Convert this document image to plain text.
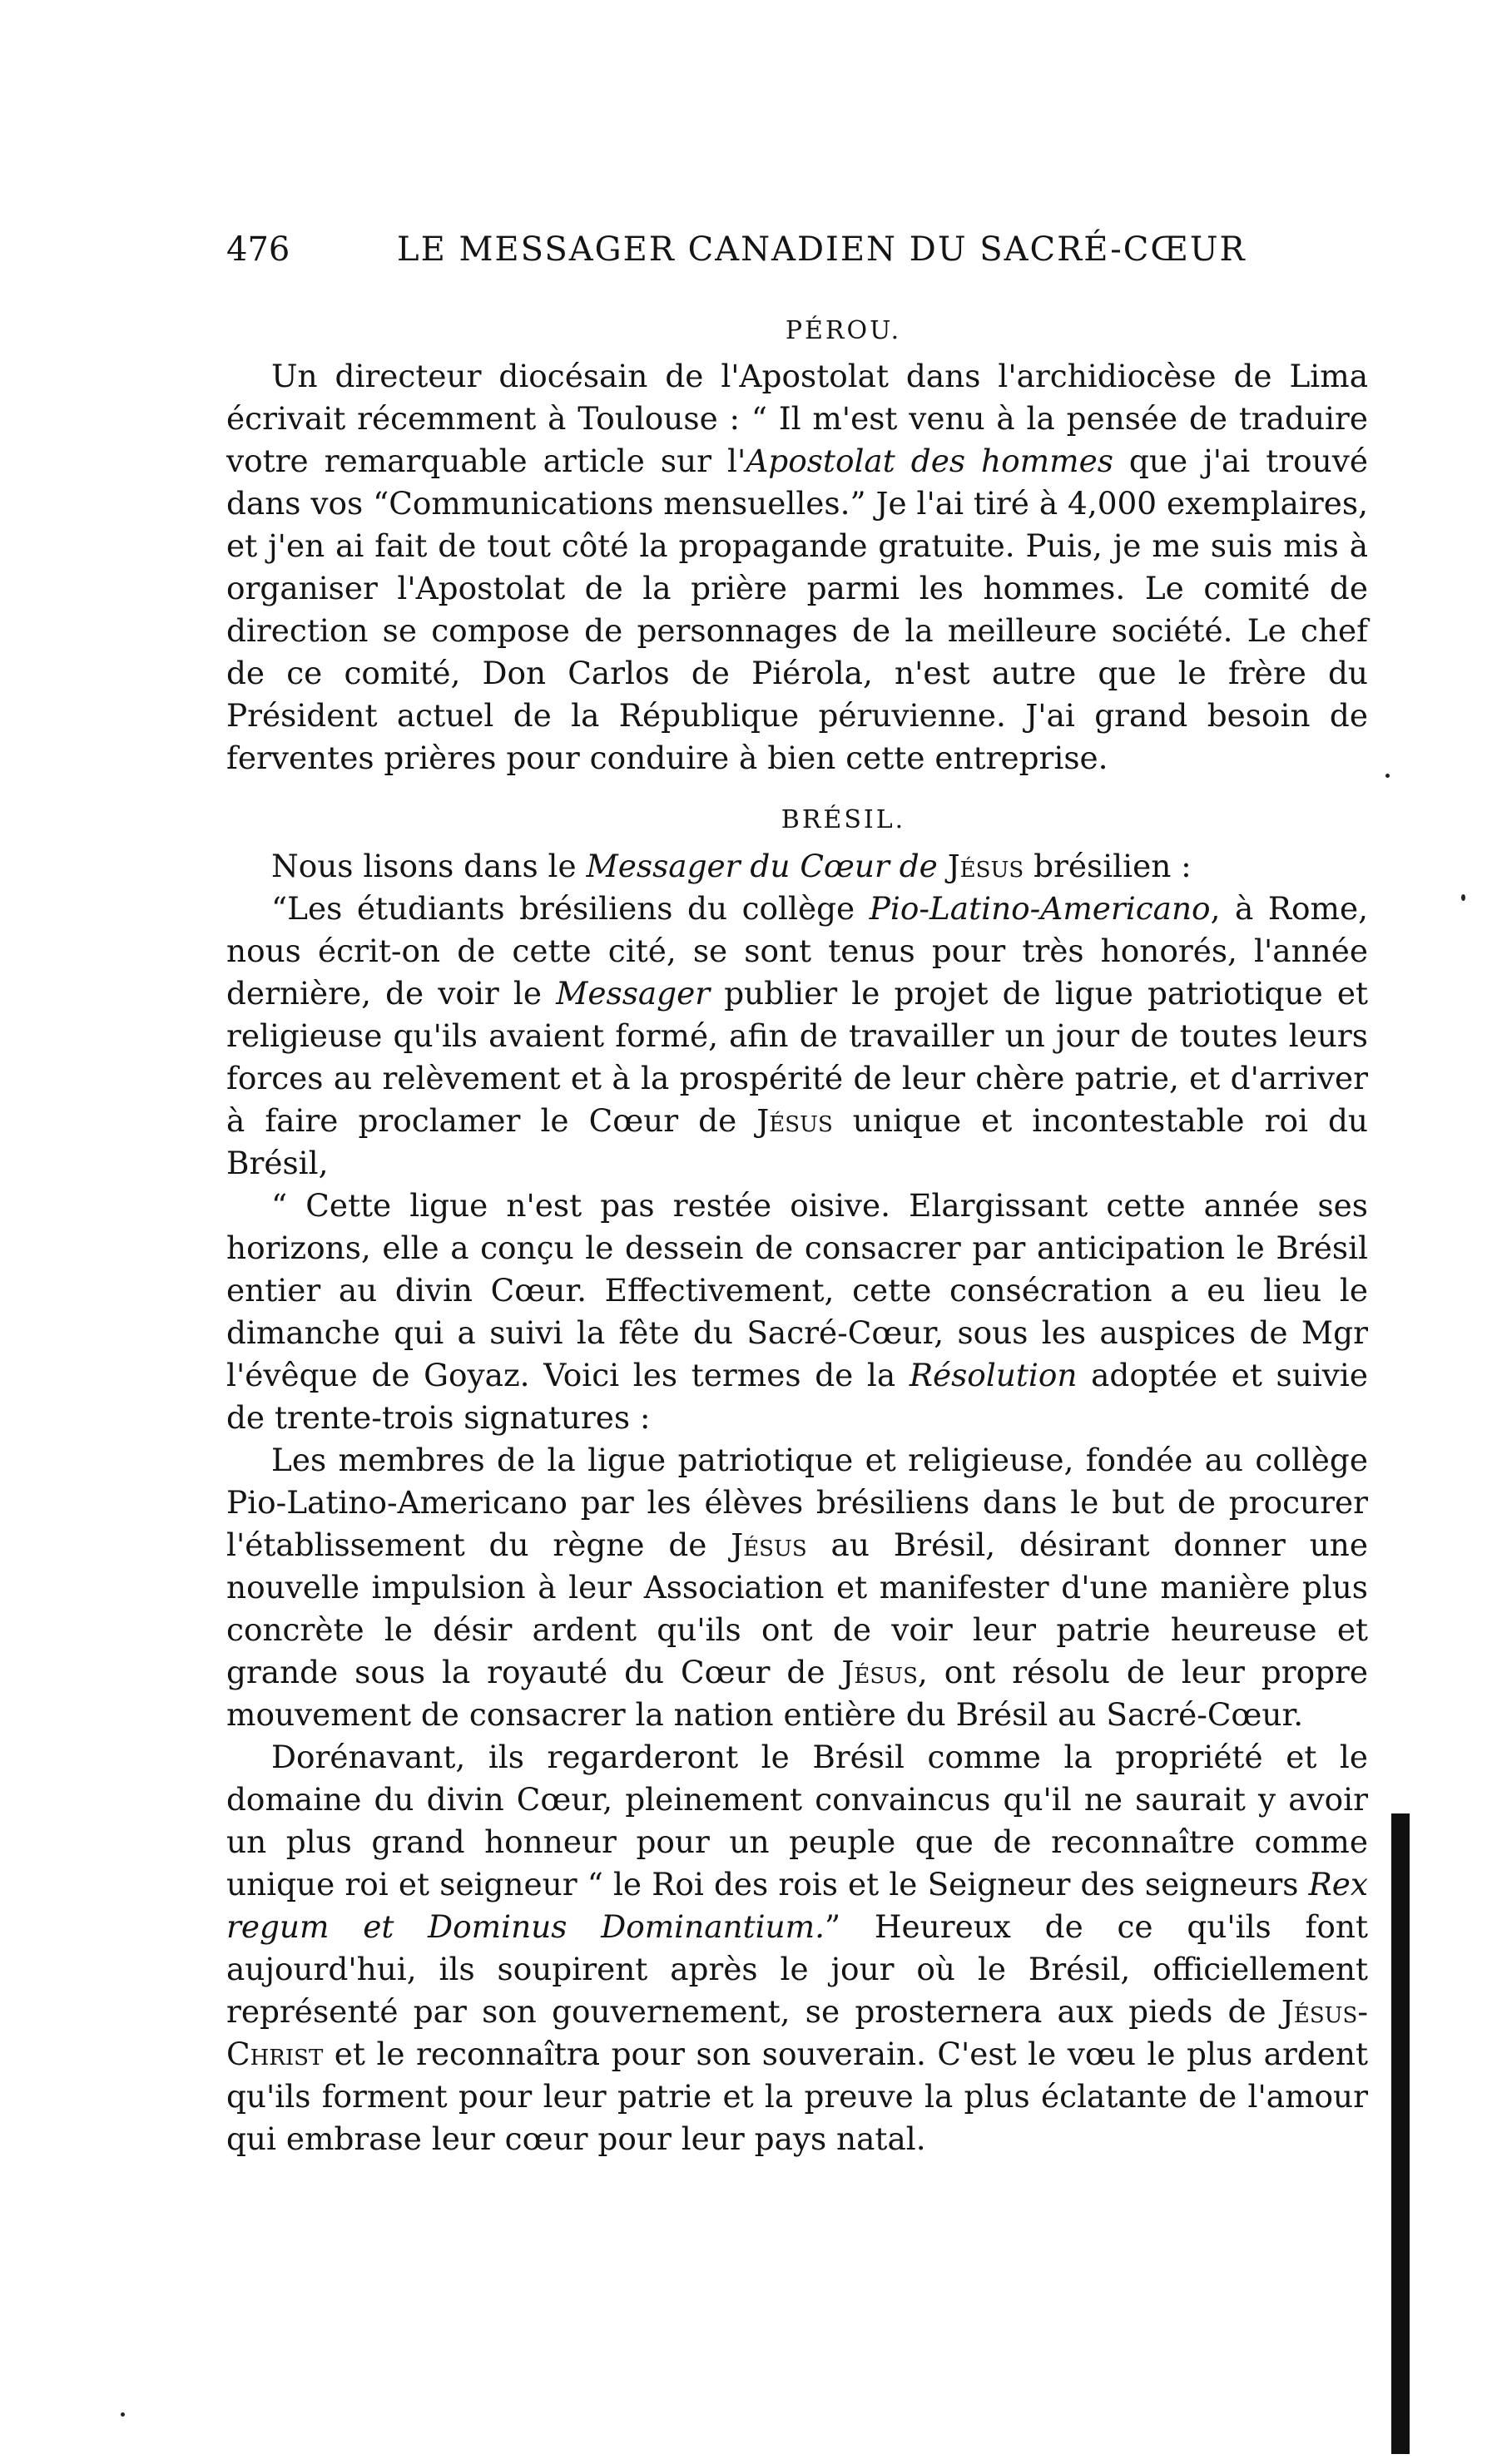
476	LE MESSAGER CANADIEN DU SACRÉ-CŒUR
PÉROU.

Un directeur diocésain de l'Apostolat dans l'archidiocèse de Lima écrivait récemment à Toulouse : “ Il m'est venu à la pensée de traduire votre remarquable article sur l'Apostolat des hommes que j'ai trouvé dans vos “Communications mensuelles.” Je l'ai tiré à 4,000 exemplaires, et j'en ai fait de tout côté la propagande gratuite. Puis, je me suis mis à organiser l'Apostolat de la prière parmi les hommes. Le comité de direction se compose de personnages de la meilleure société. Le chef de ce comité, Don Carlos de Piérola, n'est autre que le frère du Président actuel de la République péruvienne. J'ai grand besoin de ferventes prières pour conduire à bien cette entreprise.

BRÉSIL.

Nous lisons dans le Messager du Cœur de Jésus brésilien :

“Les étudiants brésiliens du collège Pio-Latino-Americano, à Rome, nous écrit-on de cette cité, se sont tenus pour très honorés, l'année dernière, de voir le Messager publier le projet de ligue patriotique et religieuse qu'ils avaient formé, afin de travailler un jour de toutes leurs forces au relèvement et à la prospérité de leur chère patrie, et d'arriver à faire proclamer le Cœur de Jésus unique et incontestable roi du Brésil,

“ Cette ligue n'est pas restée oisive. Elargissant cette année ses horizons, elle a conçu le dessein de consacrer par anticipation le Brésil entier au divin Cœur. Effectivement, cette consécration a eu lieu le dimanche qui a suivi la fête du Sacré-Cœur, sous les auspices de Mgr l'évêque de Goyaz. Voici les termes de la Résolution adoptée et suivie de trente-trois signatures :

Les membres de la ligue patriotique et religieuse, fondée au collège Pio-Latino-Americano par les élèves brésiliens dans le but de procurer l'établissement du règne de Jésus au Brésil, désirant donner une nouvelle impulsion à leur Association et manifester d'une manière plus concrète le désir ardent qu'ils ont de voir leur patrie heureuse et grande sous la royauté du Cœur de Jésus, ont résolu de leur propre mouvement de consacrer la nation entière du Brésil au Sacré-Cœur.

Dorénavant, ils regarderont le Brésil comme la propriété et le domaine du divin Cœur, pleinement convaincus qu'il ne saurait y avoir un plus grand honneur pour un peuple que de reconnaître comme unique roi et seigneur “ le Roi des rois et le Seigneur des seigneurs Rex regum et Dominus Dominantium.” Heureux de ce qu'ils font aujourd'hui, ils soupirent après le jour où le Brésil, officiellement représenté par son gouvernement, se prosternera aux pieds de Jésus-Christ et le reconnaîtra pour son souverain. C'est le vœu le plus ardent qu'ils forment pour leur patrie et la preuve la plus éclatante de l'amour qui embrase leur cœur pour leur pays natal.
